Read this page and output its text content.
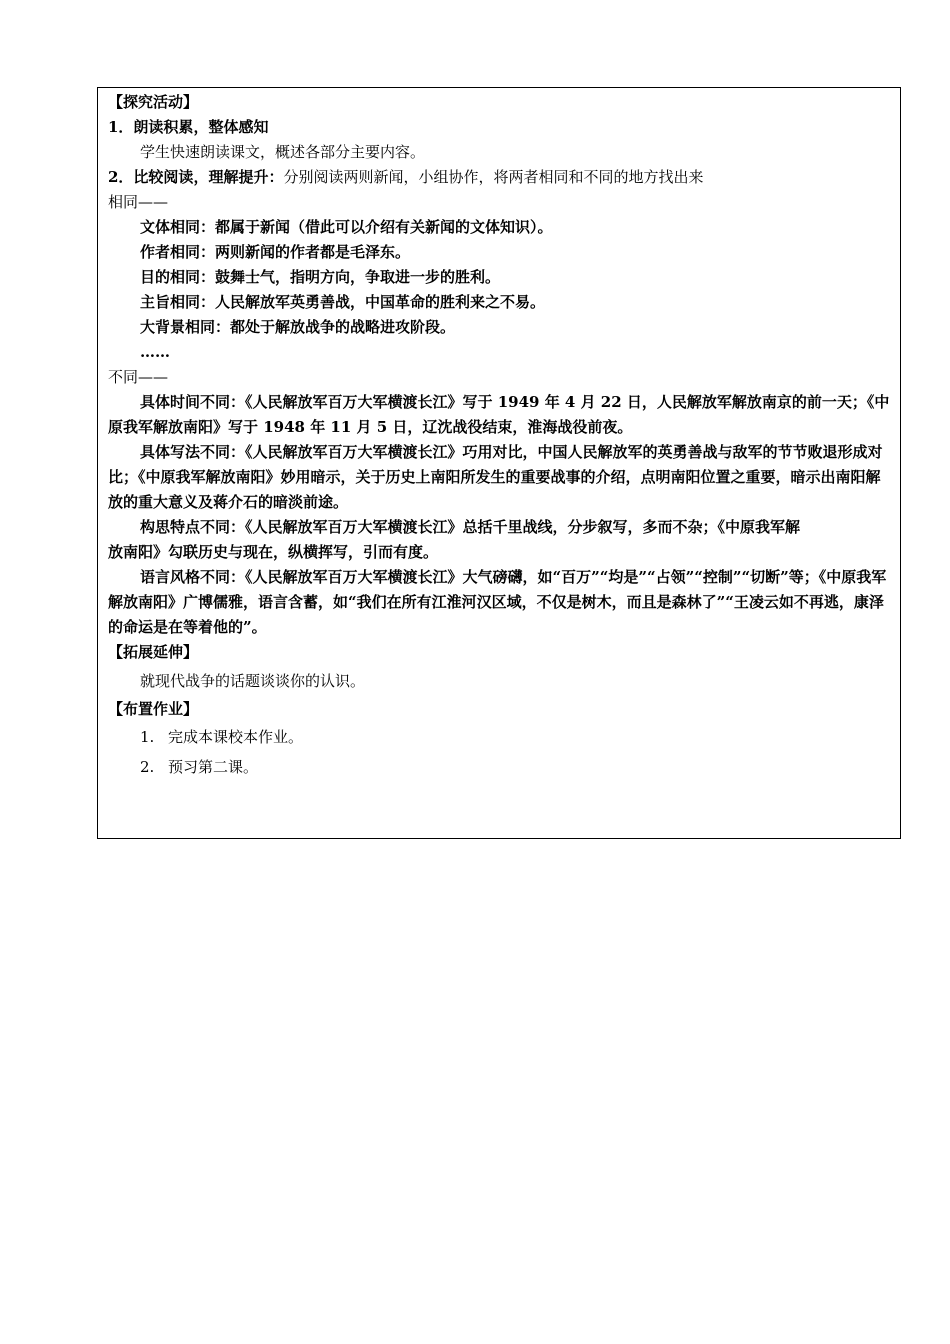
【探究活动】
1．朗读积累，整体感知
学生快速朗读课文，概述各部分主要内容。
2．比较阅读，理解提升：分别阅读两则新闻，小组协作，将两者相同和不同的地方找出来
相同——
文体相同：都属于新闻（借此可以介绍有关新闻的文体知识）。
作者相同：两则新闻的作者都是毛泽东。
目的相同：鼓舞士气，指明方向，争取进一步的胜利。
主旨相同：人民解放军英勇善战，中国革命的胜利来之不易。
大背景相同：都处于解放战争的战略进攻阶段。
……
不同——
具体时间不同：《人民解放军百万大军横渡长江》写于 1949 年 4 月 22 日，人民解放军解放南京的前一天；《中原我军解放南阳》写于 1948 年 11 月 5 日，辽沈战役结束，淮海战役前夜。
具体写法不同：《人民解放军百万大军横渡长江》巧用对比，中国人民解放军的英勇善战与敌军的节节败退形成对比；《中原我军解放南阳》妙用暗示，关于历史上南阳所发生的重要战事的介绍，点明南阳位置之重要，暗示出南阳解放的重大意义及蒋介石的暗淡前途。
构思特点不同：《人民解放军百万大军横渡长江》总括千里战线，分步叙写，多而不杂；《中原我军解
放南阳》勾联历史与现在，纵横挥写，引而有度。
语言风格不同：《人民解放军百万大军横渡长江》大气磅礴，如“百万”“均是”“占领”“控制”“切断”等；《中原我军解放南阳》广博儒雅，语言含蓄，如“我们在所有江淮河汉区域，不仅是树木，而且是森林了”“王凌云如不再逃，康泽的命运是在等着他的”。
【拓展延伸】
就现代战争的话题谈谈你的认识。
【布置作业】
1. 完成本课校本作业。
2. 预习第二课。
